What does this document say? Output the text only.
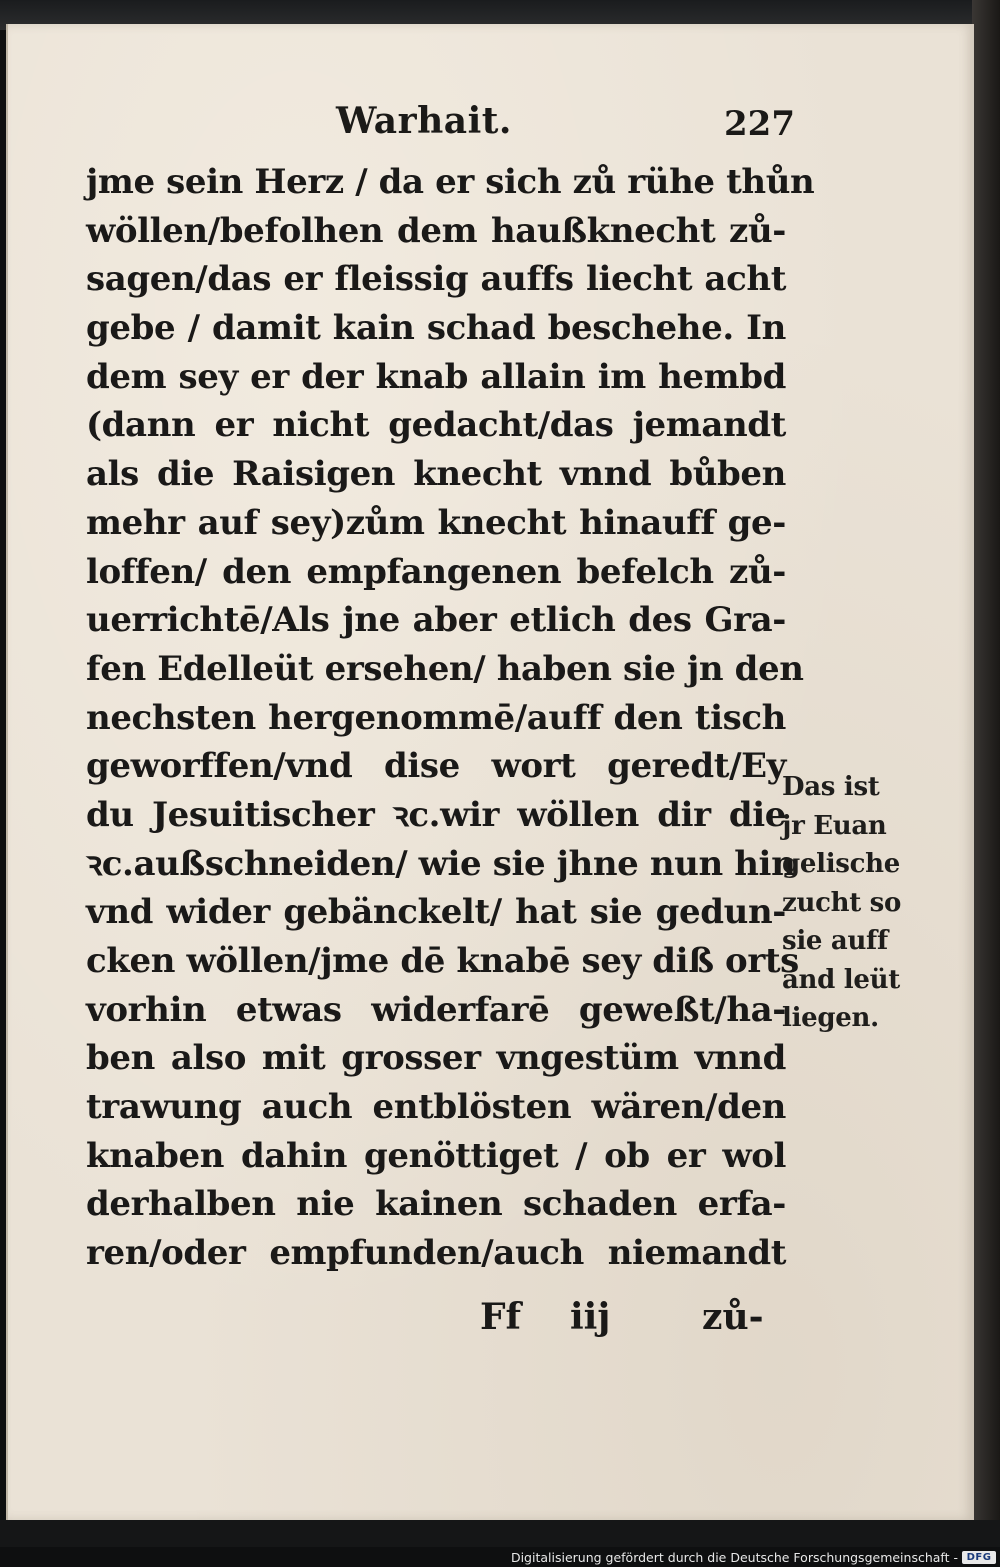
Warhait.	227
jme sein Herz / da er sich zů rühe thůn
wöllen/befolhen dem haußknecht zů-
sagen/das er fleissig auffs liecht acht
gebe / damit kain schad beschehe. In
dem sey er der knab allain im hembd
(dann er nicht gedacht/das jemandt
als die Raisigen knecht vnnd bůben
mehr auf sey)zům knecht hinauff ge-
loffen/ den empfangenen befelch zů-
uerrichtē/Als jne aber etlich des Gra-
fen Edelleüt ersehen/ haben sie jn den
nechsten hergenommē/auff den tisch
geworffen/vnd dise wort geredt/Ey
du Jesuitischer ꝛc.wir wöllen dir die
ꝛc.außschneiden/ wie sie jhne nun hin
vnd wider gebänckelt/ hat sie gedun-
cken wöllen/jme dē knabē sey diß orts
vorhin etwas widerfarē geweßt/ha-
ben also mit grosser vngestüm vnnd
trawung auch entblösten wären/den
knaben dahin genöttiget / ob er wol
derhalben nie kainen schaden erfa-
ren/oder empfunden/auch niemandt
Das ist
jr Euan
gelische
zucht so
sie auff
and leüt
liegen.
Ff iij	zů-
Digitalisierung gefördert durch die Deutsche Forschungsgemeinschaft - DFG
